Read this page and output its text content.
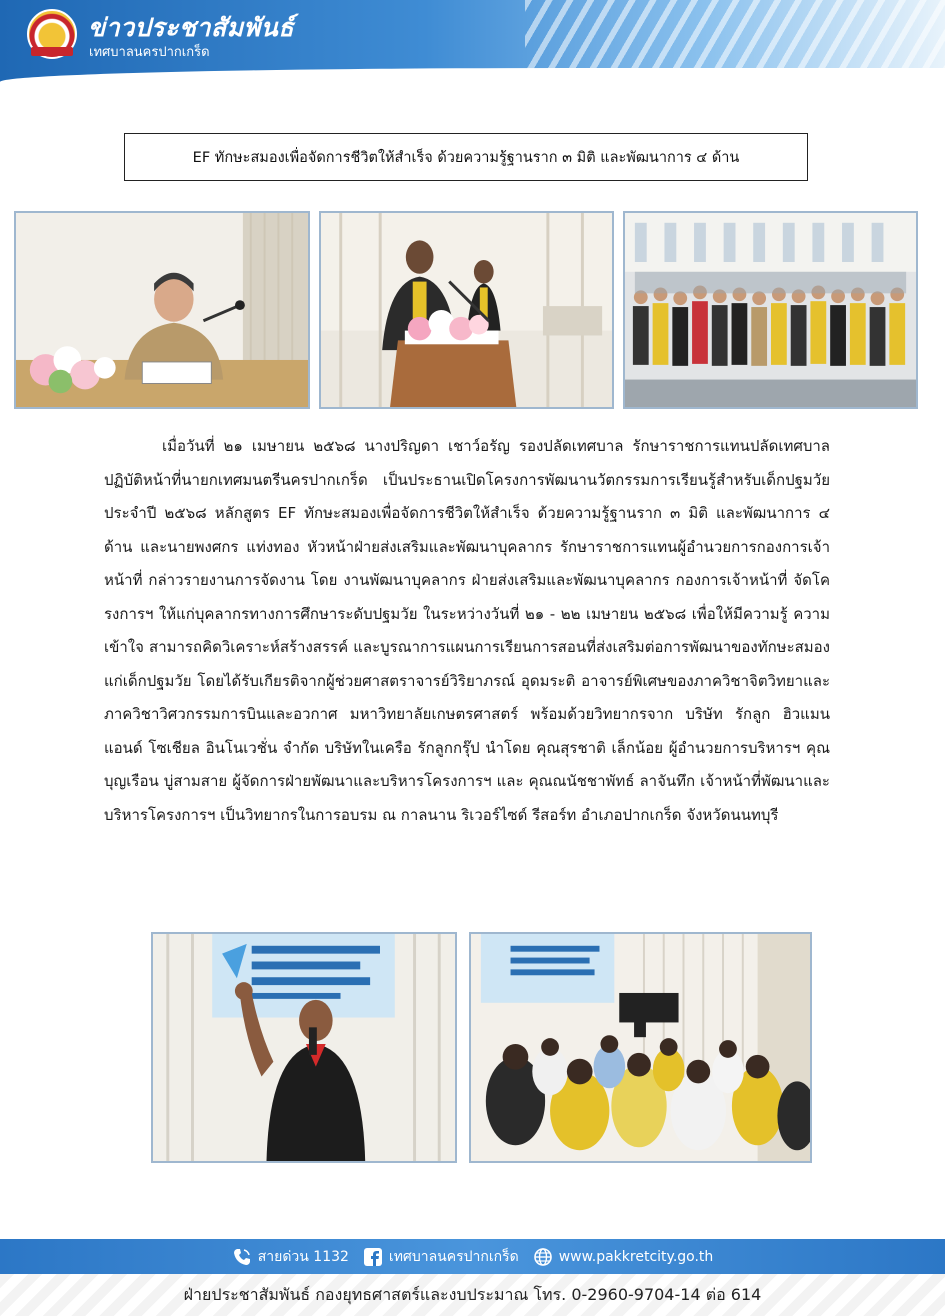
ข่าวประชาสัมพันธ์
เทศบาลนครปากเกร็ด
EF ทักษะสมองเพื่อจัดการชีวิตให้สำเร็จ ด้วยความรู้ฐานราก ๓ มิติ และพัฒนาการ ๔ ด้าน
เมื่อวันที่ ๒๑ เมษายน ๒๕๖๘ นางปริญดา เชาว์อรัญ รองปลัดเทศบาล รักษาราชการแทนปลัดเทศบาล ปฏิบัติหน้าที่นายกเทศมนตรีนครปากเกร็ด เป็นประธานเปิดโครงการพัฒนานวัตกรรมการเรียนรู้สำหรับเด็กปฐมวัย ประจำปี ๒๕๖๘ หลักสูตร EF ทักษะสมองเพื่อจัดการชีวิตให้สำเร็จ ด้วยความรู้ฐานราก ๓ มิติ และพัฒนาการ ๔ ด้าน และนายพงศกร แท่งทอง หัวหน้าฝ่ายส่งเสริมและพัฒนาบุคลากร รักษาราชการแทนผู้อำนวยการกองการเจ้าหน้าที่ กล่าวรายงานการจัดงาน โดย งานพัฒนาบุคลากร ฝ่ายส่งเสริมและพัฒนาบุคลากร กองการเจ้าหน้าที่ จัดโครงการฯ ให้แก่บุคลากรทางการศึกษาระดับปฐมวัย ในระหว่างวันที่ ๒๑ - ๒๒ เมษายน ๒๕๖๘ เพื่อให้มีความรู้ ความเข้าใจ สามารถคิดวิเคราะห์สร้างสรรค์ และบูรณาการแผนการเรียนการสอนที่ส่งเสริมต่อการพัฒนาของทักษะสมองแก่เด็กปฐมวัย โดยได้รับเกียรติจากผู้ช่วยศาสตราจารย์วิริยาภรณ์ อุดมระติ อาจารย์พิเศษของภาควิชาจิตวิทยาและภาควิชาวิศวกรรมการบินและอวกาศ มหาวิทยาลัยเกษตรศาสตร์ พร้อมด้วยวิทยากรจาก บริษัท รักลูก ฮิวแมน แอนด์ โซเชียล อินโนเวชั่น จำกัด บริษัทในเครือ รักลูกกรุ๊ป นำโดย คุณสุรชาติ เล็กน้อย ผู้อำนวยการบริหารฯ คุณบุญเรือน บู่สามสาย ผู้จัดการฝ่ายพัฒนาและบริหารโครงการฯ และ คุณณนัชชาพัทธ์ ลาจันทึก เจ้าหน้าที่พัฒนาและบริหารโครงการฯ เป็นวิทยากรในการอบรม ณ กาลนาน ริเวอร์ไซด์ รีสอร์ท อำเภอปากเกร็ด จังหวัดนนทบุรี
สายด่วน 1132	เทศบาลนครปากเกร็ด	www.pakkretcity.go.th
ฝ่ายประชาสัมพันธ์ กองยุทธศาสตร์และงบประมาณ โทร. 0-2960-9704-14 ต่อ 614
